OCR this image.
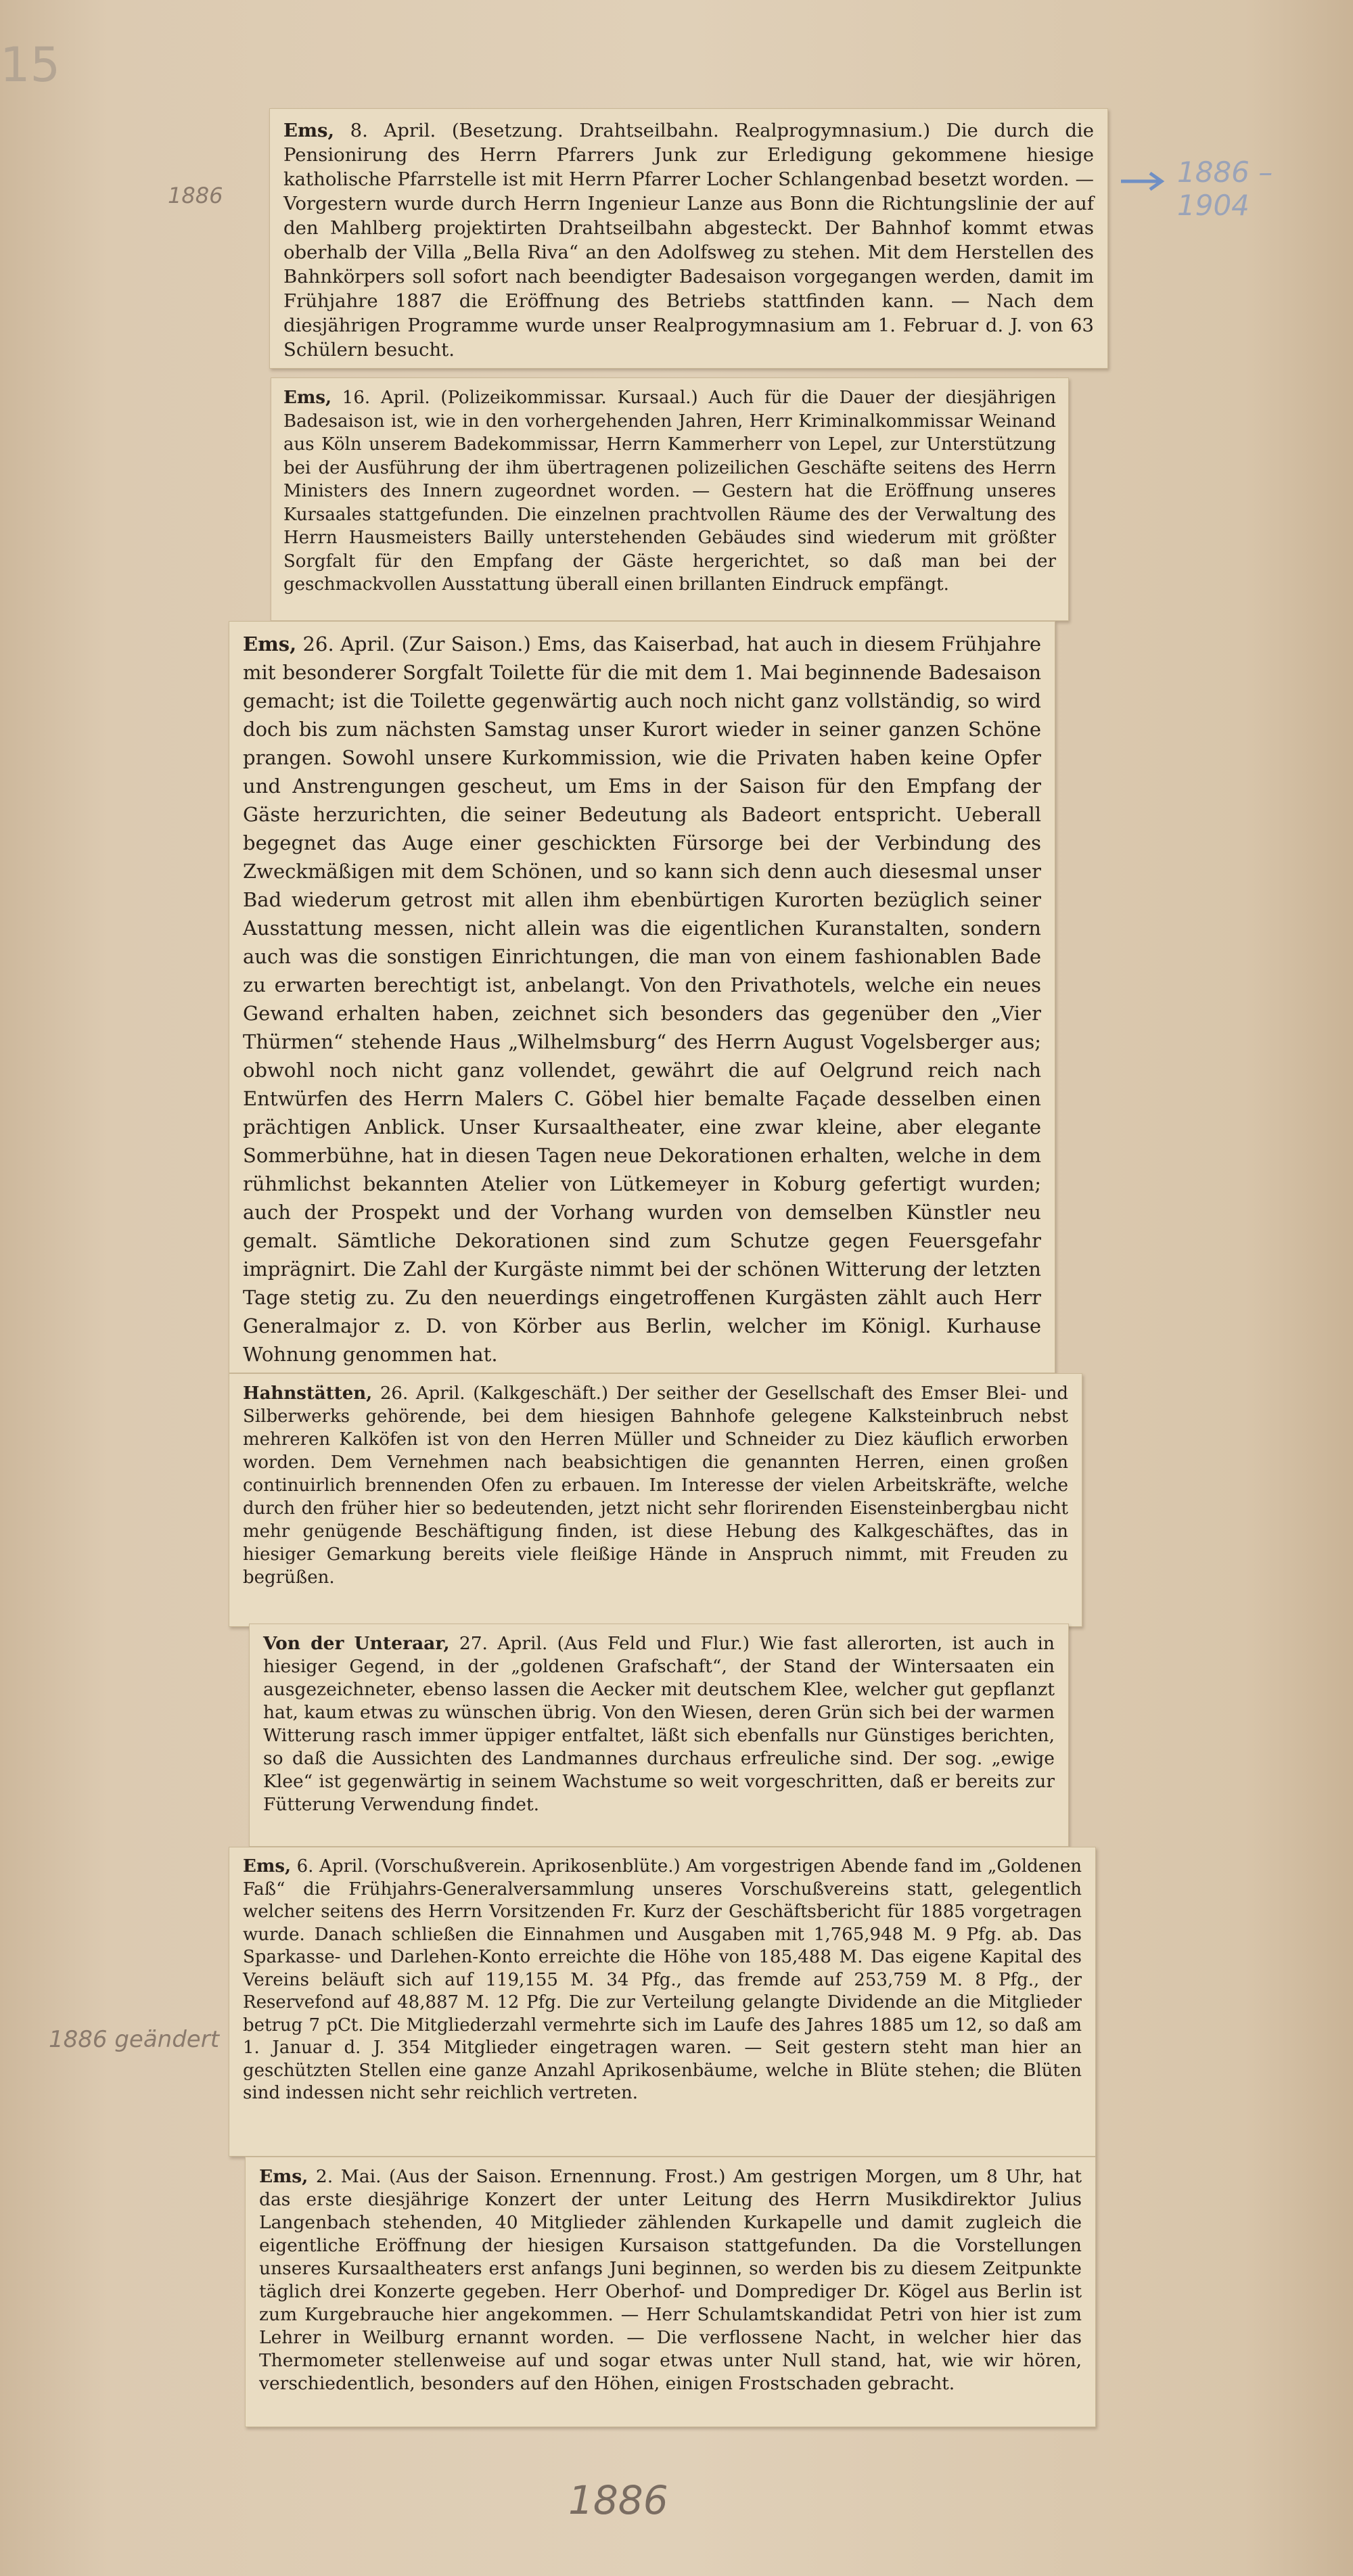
15
1886 – 1904
1886
1886 geändert
1886

Ems, 8. April. (Besetzung. Drahtseilbahn. Realprogymnasium.) Die durch die Pensionirung des Herrn Pfarrers Junk zur Erledigung gekommene hiesige katholische Pfarrstelle ist mit Herrn Pfarrer Locher Schlangenbad besetzt worden. — Vorgestern wurde durch Herrn Ingenieur Lanze aus Bonn die Richtungslinie der auf den Mahlberg projektirten Drahtseilbahn abgesteckt. Der Bahnhof kommt etwas oberhalb der Villa „Bella Riva“ an den Adolfsweg zu stehen. Mit dem Herstellen des Bahnkörpers soll sofort nach beendigter Badesaison vorgegangen werden, damit im Frühjahre 1887 die Eröffnung des Betriebs stattfinden kann. — Nach dem diesjährigen Programme wurde unser Realprogymnasium am 1. Februar d. J. von 63 Schülern besucht.

Ems, 16. April. (Polizeikommissar. Kursaal.) Auch für die Dauer der diesjährigen Badesaison ist, wie in den vorhergehenden Jahren, Herr Kriminalkommissar Weinand aus Köln unserem Badekommissar, Herrn Kammerherr von Lepel, zur Unterstützung bei der Ausführung der ihm übertragenen polizeilichen Geschäfte seitens des Herrn Ministers des Innern zugeordnet worden. — Gestern hat die Eröffnung unseres Kursaales stattgefunden. Die einzelnen prachtvollen Räume des der Verwaltung des Herrn Hausmeisters Bailly unterstehenden Gebäudes sind wiederum mit größter Sorgfalt für den Empfang der Gäste hergerichtet, so daß man bei der geschmackvollen Ausstattung überall einen brillanten Eindruck empfängt.

Ems, 26. April. (Zur Saison.) Ems, das Kaiserbad, hat auch in diesem Frühjahre mit besonderer Sorgfalt Toilette für die mit dem 1. Mai beginnende Badesaison gemacht; ist die Toilette gegenwärtig auch noch nicht ganz vollständig, so wird doch bis zum nächsten Samstag unser Kurort wieder in seiner ganzen Schöne prangen. Sowohl unsere Kurkommission, wie die Privaten haben keine Opfer und Anstrengungen gescheut, um Ems in der Saison für den Empfang der Gäste herzurichten, die seiner Bedeutung als Badeort entspricht. Ueberall begegnet das Auge einer geschickten Fürsorge bei der Verbindung des Zweckmäßigen mit dem Schönen, und so kann sich denn auch diesesmal unser Bad wiederum getrost mit allen ihm ebenbürtigen Kurorten bezüglich seiner Ausstattung messen, nicht allein was die eigentlichen Kuranstalten, sondern auch was die sonstigen Einrichtungen, die man von einem fashionablen Bade zu erwarten berechtigt ist, anbelangt. Von den Privathotels, welche ein neues Gewand erhalten haben, zeichnet sich besonders das gegenüber den „Vier Thürmen“ stehende Haus „Wilhelmsburg“ des Herrn August Vogelsberger aus; obwohl noch nicht ganz vollendet, gewährt die auf Oelgrund reich nach Entwürfen des Herrn Malers C. Göbel hier bemalte Façade desselben einen prächtigen Anblick. Unser Kursaaltheater, eine zwar kleine, aber elegante Sommerbühne, hat in diesen Tagen neue Dekorationen erhalten, welche in dem rühmlichst bekannten Atelier von Lütkemeyer in Koburg gefertigt wurden; auch der Prospekt und der Vorhang wurden von demselben Künstler neu gemalt. Sämtliche Dekorationen sind zum Schutze gegen Feuersgefahr imprägnirt. Die Zahl der Kurgäste nimmt bei der schönen Witterung der letzten Tage stetig zu. Zu den neuerdings eingetroffenen Kurgästen zählt auch Herr Generalmajor z. D. von Körber aus Berlin, welcher im Königl. Kurhause Wohnung genommen hat.

Hahnstätten, 26. April. (Kalkgeschäft.) Der seither der Gesellschaft des Emser Blei- und Silberwerks gehörende, bei dem hiesigen Bahnhofe gelegene Kalksteinbruch nebst mehreren Kalköfen ist von den Herren Müller und Schneider zu Diez käuflich erworben worden. Dem Vernehmen nach beabsichtigen die genannten Herren, einen großen continuirlich brennenden Ofen zu erbauen. Im Interesse der vielen Arbeitskräfte, welche durch den früher hier so bedeutenden, jetzt nicht sehr florirenden Eisensteinbergbau nicht mehr genügende Beschäftigung finden, ist diese Hebung des Kalkgeschäftes, das in hiesiger Gemarkung bereits viele fleißige Hände in Anspruch nimmt, mit Freuden zu begrüßen.

Von der Unteraar, 27. April. (Aus Feld und Flur.) Wie fast allerorten, ist auch in hiesiger Gegend, in der „goldenen Grafschaft“, der Stand der Wintersaaten ein ausgezeichneter, ebenso lassen die Aecker mit deutschem Klee, welcher gut gepflanzt hat, kaum etwas zu wünschen übrig. Von den Wiesen, deren Grün sich bei der warmen Witterung rasch immer üppiger entfaltet, läßt sich ebenfalls nur Günstiges berichten, so daß die Aussichten des Landmannes durchaus erfreuliche sind. Der sog. „ewige Klee“ ist gegenwärtig in seinem Wachstume so weit vorgeschritten, daß er bereits zur Fütterung Verwendung findet.

Ems, 6. April. (Vorschußverein. Aprikosenblüte.) Am vorgestrigen Abende fand im „Goldenen Faß“ die Frühjahrs-Generalversammlung unseres Vorschußvereins statt, gelegentlich welcher seitens des Herrn Vorsitzenden Fr. Kurz der Geschäftsbericht für 1885 vorgetragen wurde. Danach schließen die Einnahmen und Ausgaben mit 1,765,948 M. 9 Pfg. ab. Das Sparkasse- und Darlehen-Konto erreichte die Höhe von 185,488 M. Das eigene Kapital des Vereins beläuft sich auf 119,155 M. 34 Pfg., das fremde auf 253,759 M. 8 Pfg., der Reservefond auf 48,887 M. 12 Pfg. Die zur Verteilung gelangte Dividende an die Mitglieder betrug 7 pCt. Die Mitgliederzahl vermehrte sich im Laufe des Jahres 1885 um 12, so daß am 1. Januar d. J. 354 Mitglieder eingetragen waren. — Seit gestern steht man hier an geschützten Stellen eine ganze Anzahl Aprikosenbäume, welche in Blüte stehen; die Blüten sind indessen nicht sehr reichlich vertreten.

Ems, 2. Mai. (Aus der Saison. Ernennung. Frost.) Am gestrigen Morgen, um 8 Uhr, hat das erste diesjährige Konzert der unter Leitung des Herrn Musikdirektor Julius Langenbach stehenden, 40 Mitglieder zählenden Kurkapelle und damit zugleich die eigentliche Eröffnung der hiesigen Kursaison stattgefunden. Da die Vorstellungen unseres Kursaaltheaters erst anfangs Juni beginnen, so werden bis zu diesem Zeitpunkte täglich drei Konzerte gegeben. Herr Oberhof- und Domprediger Dr. Kögel aus Berlin ist zum Kurgebrauche hier angekommen. — Herr Schulamtskandidat Petri von hier ist zum Lehrer in Weilburg ernannt worden. — Die verflossene Nacht, in welcher hier das Thermometer stellenweise auf und sogar etwas unter Null stand, hat, wie wir hören, verschiedentlich, besonders auf den Höhen, einigen Frostschaden gebracht.
